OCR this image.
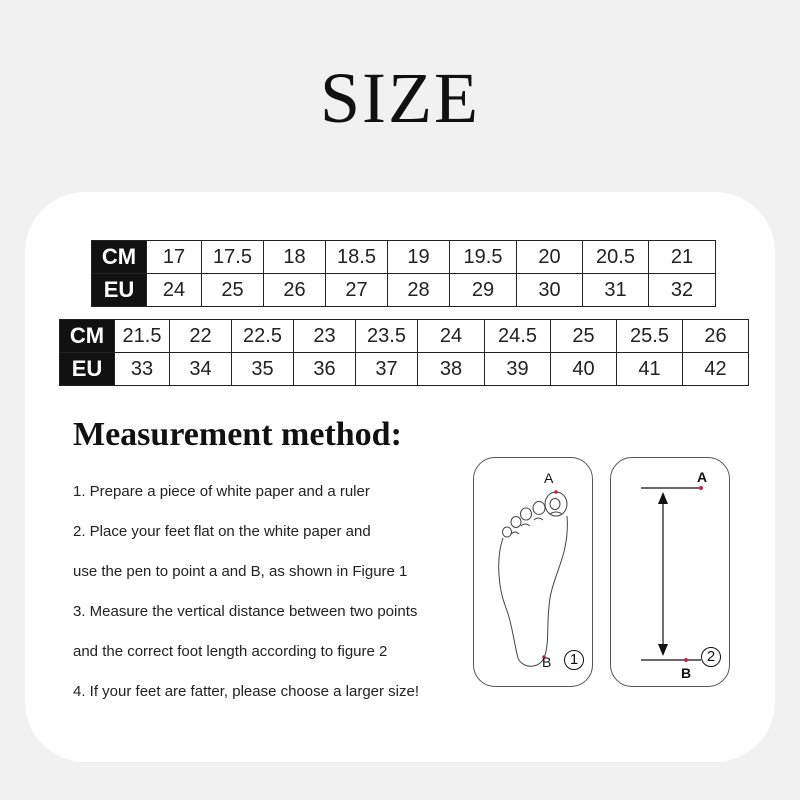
SIZE
CM	17	17.5	18	18.5	19	19.5	20	20.5	21
EU	24	25	26	27	28	29	30	31	32
CM	21.5	22	22.5	23	23.5	24	24.5	25	25.5	26
EU	33	34	35	36	37	38	39	40	41	42
Measurement method:
1. Prepare a piece of white paper and a ruler
2. Place your feet flat on the white paper and
use the pen to point a and B, as shown in Figure 1
3. Measure the vertical distance between two points
and the correct foot length according to figure 2
4. If your feet are fatter, please choose a larger size!
A
B	1
A
B
2
